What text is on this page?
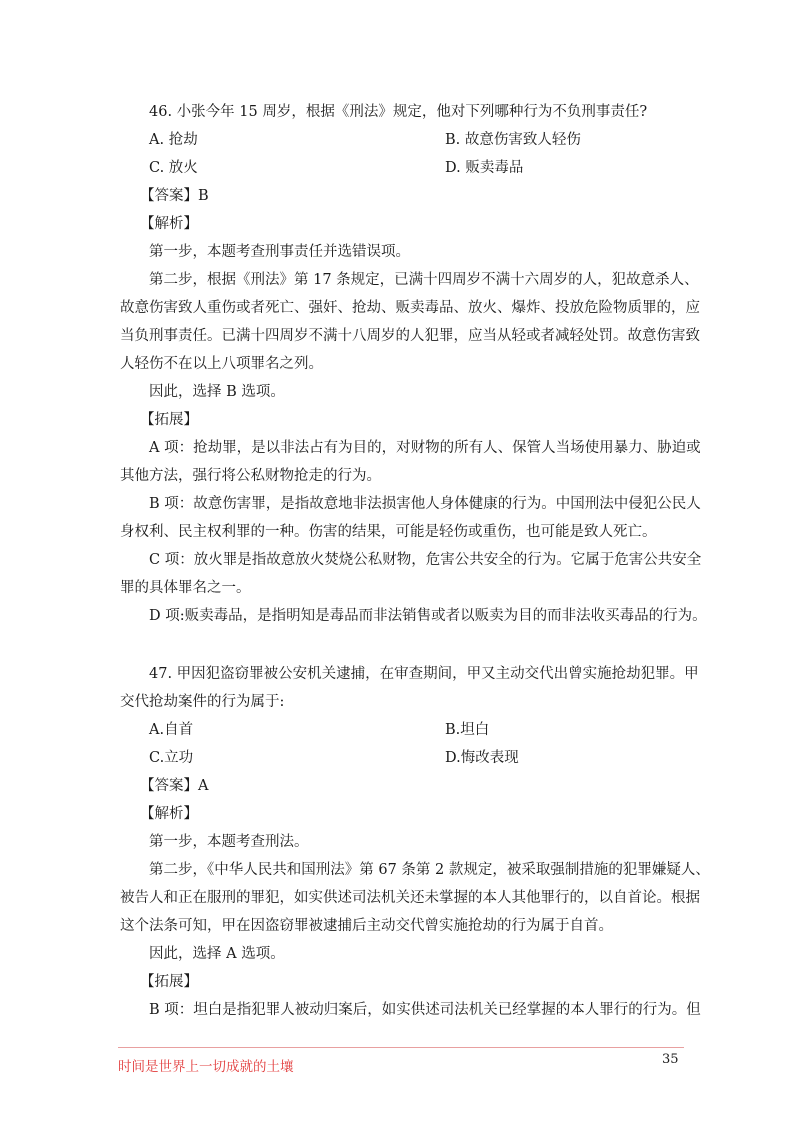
46. 小张今年 15 周岁，根据《刑法》规定，他对下列哪种行为不负刑事责任?
A. 抢劫	B. 故意伤害致人轻伤
C. 放火	D. 贩卖毒品
【答案】B
【解析】
第一步，本题考查刑事责任并选错误项。
第二步，根据《刑法》第 17 条规定，已满十四周岁不满十六周岁的人，犯故意杀人、
故意伤害致人重伤或者死亡、强奸、抢劫、贩卖毒品、放火、爆炸、投放危险物质罪的，应
当负刑事责任。已满十四周岁不满十八周岁的人犯罪，应当从轻或者减轻处罚。故意伤害致
人轻伤不在以上八项罪名之列。
因此，选择 B 选项。
【拓展】
A 项：抢劫罪，是以非法占有为目的，对财物的所有人、保管人当场使用暴力、胁迫或
其他方法，强行将公私财物抢走的行为。
B 项：故意伤害罪，是指故意地非法损害他人身体健康的行为。中国刑法中侵犯公民人
身权利、民主权利罪的一种。伤害的结果，可能是轻伤或重伤，也可能是致人死亡。
C 项：放火罪是指故意放火焚烧公私财物，危害公共安全的行为。它属于危害公共安全
罪的具体罪名之一。
D 项:贩卖毒品，是指明知是毒品而非法销售或者以贩卖为目的而非法收买毒品的行为。
47. 甲因犯盗窃罪被公安机关逮捕，在审查期间，甲又主动交代出曾实施抢劫犯罪。甲
交代抢劫案件的行为属于:
A.自首	B.坦白
C.立功	D.悔改表现
【答案】A
【解析】
第一步，本题考查刑法。
第二步，《中华人民共和国刑法》第 67 条第 2 款规定，被采取强制措施的犯罪嫌疑人、
被告人和正在服刑的罪犯，如实供述司法机关还未掌握的本人其他罪行的，以自首论。根据
这个法条可知，甲在因盗窃罪被逮捕后主动交代曾实施抢劫的行为属于自首。
因此，选择 A 选项。
【拓展】
B 项：坦白是指犯罪人被动归案后，如实供述司法机关已经掌握的本人罪行的行为。但
时间是世界上一切成就的土壤	35
